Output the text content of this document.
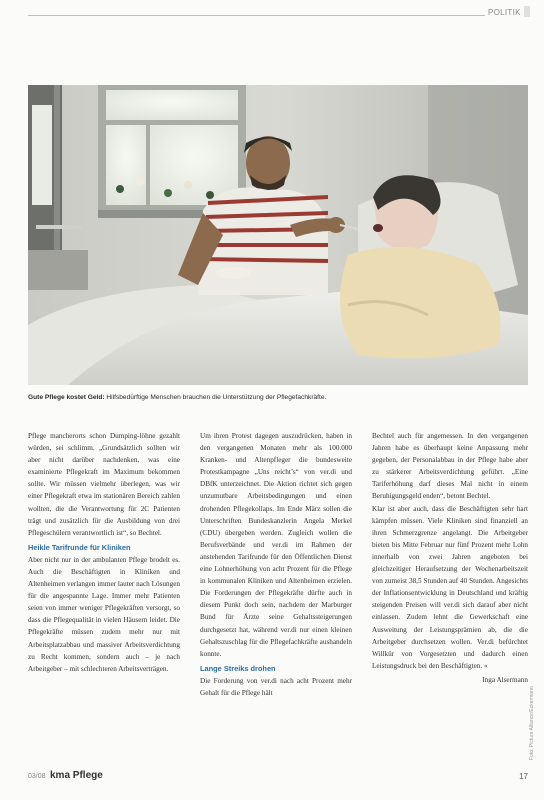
POLITIK
Gute Pflege kostet Geld: Hilfsbedürftige Menschen brauchen die Unterstützung der Pflegefachkräfte.

Pflege mancherorts schon Dumping-löhne gezahlt würden, sei schlimm. „Grundsätzlich sollten wir aber nicht darüber nachdenken, was eine examinierte Pflegekraft im Maximum bekommen sollte. Wir müssen vielmehr überlegen, was wir einer Pflegekraft etwa im stationären Bereich zahlen wollten, die die Verantwortung für 2C Patienten trägt und zusätzlich für die Ausbildung von drei Pflegeschülern verantwortlich ist“, so Bechtel.

Heikle Tarifrunde für Kliniken

Aber nicht nur in der ambulanten Pflege brodelt es. Auch die Beschäftigten in Kliniken und Altenheimen verlangen immer lauter nach Lösungen für die angespannte Lage. Immer mehr Patienten seien von immer weniger Pflegekräften versorgt, so dass die Pflegequalität in vielen Häusern leidet. Die Pflegekräfte müssen zudem mehr nur mit Arbeitsplatzabbau und massiver Arbeitsverdichtung zu Recht kommen, sondern auch – je nach Arbeitgeber – mit schlechteren Arbeitsverträgen.

Um ihren Protest dagegen auszudrücken, haben in den vergangenen Monaten mehr als 100.000 Kranken- und Altenpfleger die bundesweite Protestkampagne „Uns reicht’s“ von ver.di und DBfK unterzeichnet. Die Aktion richtet sich gegen unzumutbare Arbeitsbedingungen und einen drohenden Pflegekollaps. Im Ende März sollen die Unterschriften Bundeskanzlerin Angela Merkel (CDU) übergeben werden. Zugleich wollen die Berufsverbände und ver.di im Rahmen der anstehenden Tarifrunde für den Öffentlichen Dienst eine Lohnerhöhung von acht Prozent für die Pflege in kommunalen Kliniken und Altenheimen erzielen. Die Forderungen der Pflegekräfte dürfte auch in diesem Punkt doch sein, nachdem der Marburger Bund für Ärzte seine Gehaltssteigerungen durchgesetzt hat, während ver.di nur einen kleinen Gehaltszuschlag für die Pflegefachkräfte aushandeln konnte.

Lange Streiks drohen

Die Forderung von ver.di nach acht Prozent mehr Gehalt für die Pflege hält

Bechtel auch für angemessen. In den vergangenen Jahren habe es überhaupt keine Anpassung mehr gegeben, der Personalabbau in der Pflege habe aber zu stärkerer Arbeitsverdichtung geführt. „Eine Tariferhöhung darf dieses Mal nicht in einem Beruhigungsgeld enden“, betont Bechtel.

Klar ist aber auch, dass die Beschäftigten sehr hart kämpfen müssen. Viele Kliniken sind finanziell an ihren Schmerzgrenze angelangt. Die Arbeitgeber bieten bis Mitte Februar nur fünf Prozent mehr Lohn innerhalb von zwei Jahren angeboten bei gleichzeitiger Heraufsetzung der Wochenarbeitszeit von zumeist 38,5 Stunden auf 40 Stunden. Angesichts der Inflationsentwicklung in Deutschland und kräftig steigenden Preisen will ver.di sich darauf aber nicht einlassen. Zudem lehnt die Gewerkschaft eine Ausweitung der Leistungsprämien ab, die die Arbeitgeber durchsetzen wollen. Ver.di befürchtet Willkür von Vorgesetzten und dadurch einen Leistungsdruck bei den Beschäftigten. «

Inga Alsermann

Foto: Picture Alliance/Eckermann
03/08 kma Pflege	17
